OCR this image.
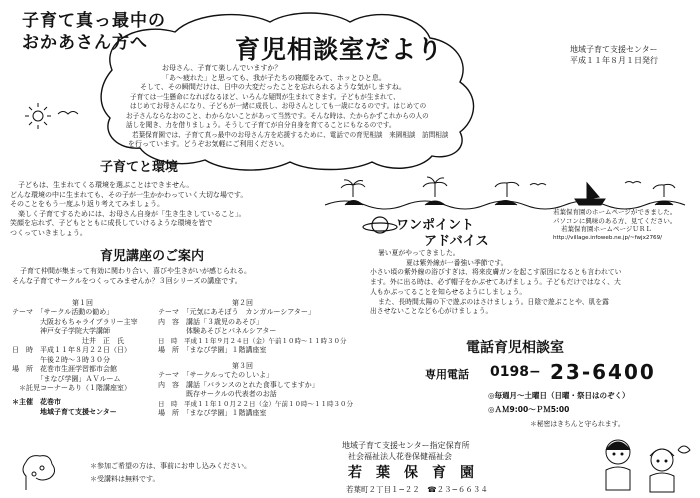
子育て真っ最中の
おかあさん方へ	育児相談室だより	地域子育て支援センター
平成１１年８月１日発行
お母さん、子育て楽しんでいますか？
「あ〜疲れた」と思っても、我が子たちの寝顔をみて、ホッとひと息。
そして、その瞬間だけは、日中の大変だったことを忘れられるような気がしますね。
子育ては一生懸命になればなるほど、いろんな疑問が生まれてきます。子どもが生まれて、
はじめてお母さんになり、子どもが一緒に成長し、お母さんとしても一歳になるのです。はじめての
お子さんならなおのこと、わからないことがあって当然です。そんな時は、たからかずこれからの人の
話しを聞き、力を借りましょう。そうして子育てが自分自身を育てることにもなるのです。
若葉保育園では、子育て真っ最中のお母さん方を応援するために、電話での育児相談　来園相談　訪問相談
を行っています。どうぞお気軽にご利用ください。
子育てと環境
子どもは、生まれてくる環境を選ぶことはできません。
どんな環境の中に生まれても、その子が一生かかわっていく大切な場です。
そのことをもう一度ふり返り考えてみましょう。
楽しく子育てするためには、お母さん自身が「生き生きしていること」。
笑顔を忘れず、子どもとともに成長していけるような環境を皆で
つくっていきましょう。
育児講座のご案内
子育て仲間が集まって有効に関わり合い、喜びや生きがいが感じられる。
そんな子育てサークルをつくってみませんか？３回シリーズの講座です。
第１回
テーマ　「サークル活動の勧め」
　　　　大阪おもちゃライブラリー主宰
　　　　神戸女子学院大学講師
　　　　　　　　　　辻井　正　氏
日　時　平成１１年８月２２日（日）
　　　　午後２時〜３時３０分
場　所　花巻市生涯学習都市会館
　　　　「まなび学園」ＡＶルーム
　＊託児コーナーあり（１階講座室）
第２回
テーマ　「元気にあそぼう　カンガルーシアター」
内　容　講話「３歳児のあそび」
　　　　体験あそびとパネルシアター
日　時　平成１１年９月２４日（金）午前１０時〜１１時３０分
場　所　「まなび学園」１階講座室
第３回
テーマ　「サークルってたのしいよ」
内　容　講話「バランスのとれた食事してますか」
　　　　既存サークルの代表者のお話
日　時　平成１１年１０月２２日（金）午前１０時〜１１時３０分
場　所　「まなび学園」１階講座室
＊主催　花巻市
　　　　地域子育て支援センター
＊参加ご希望の方は、事前にお申し込みください。
＊受講料は無料です。
若葉保育園のホームページができました。
パソコンに興味のある方、見てください。
若葉保育園ホームページＵＲＬ
http://village.infoweb.ne.jp/~fwjx2769/
ワンポイント
アドバイス
暑い夏がやってきました。
夏は紫外線が一番強い季節です。
小さい頃の紫外線の浴びすぎは、将来皮膚ガンを起こす原因になるとも言われてい
ます。外に出る時は、必ず帽子をかぶせてあげましょう。子どもだけではなく、大
人もかぶってることを知らせるようにしましょう。
また、長時間太陽の下で遊ぶのはさけましょう。日陰で遊ぶことや、肌を露
出させないことなども心がけましょう。
電話育児相談室
専用電話 0198− 23-6400
◎毎週月〜土曜日（日曜・祭日はのぞく）
◎ＡＭ9:00〜ＰＭ5:00
＊秘密はきちんと守られます。
地域子育て支援センター指定保育所
社会福祉法人花巻保健福祉会
若　葉　保　育　園
若葉町２丁目１−２２　☎２３−６６３４
